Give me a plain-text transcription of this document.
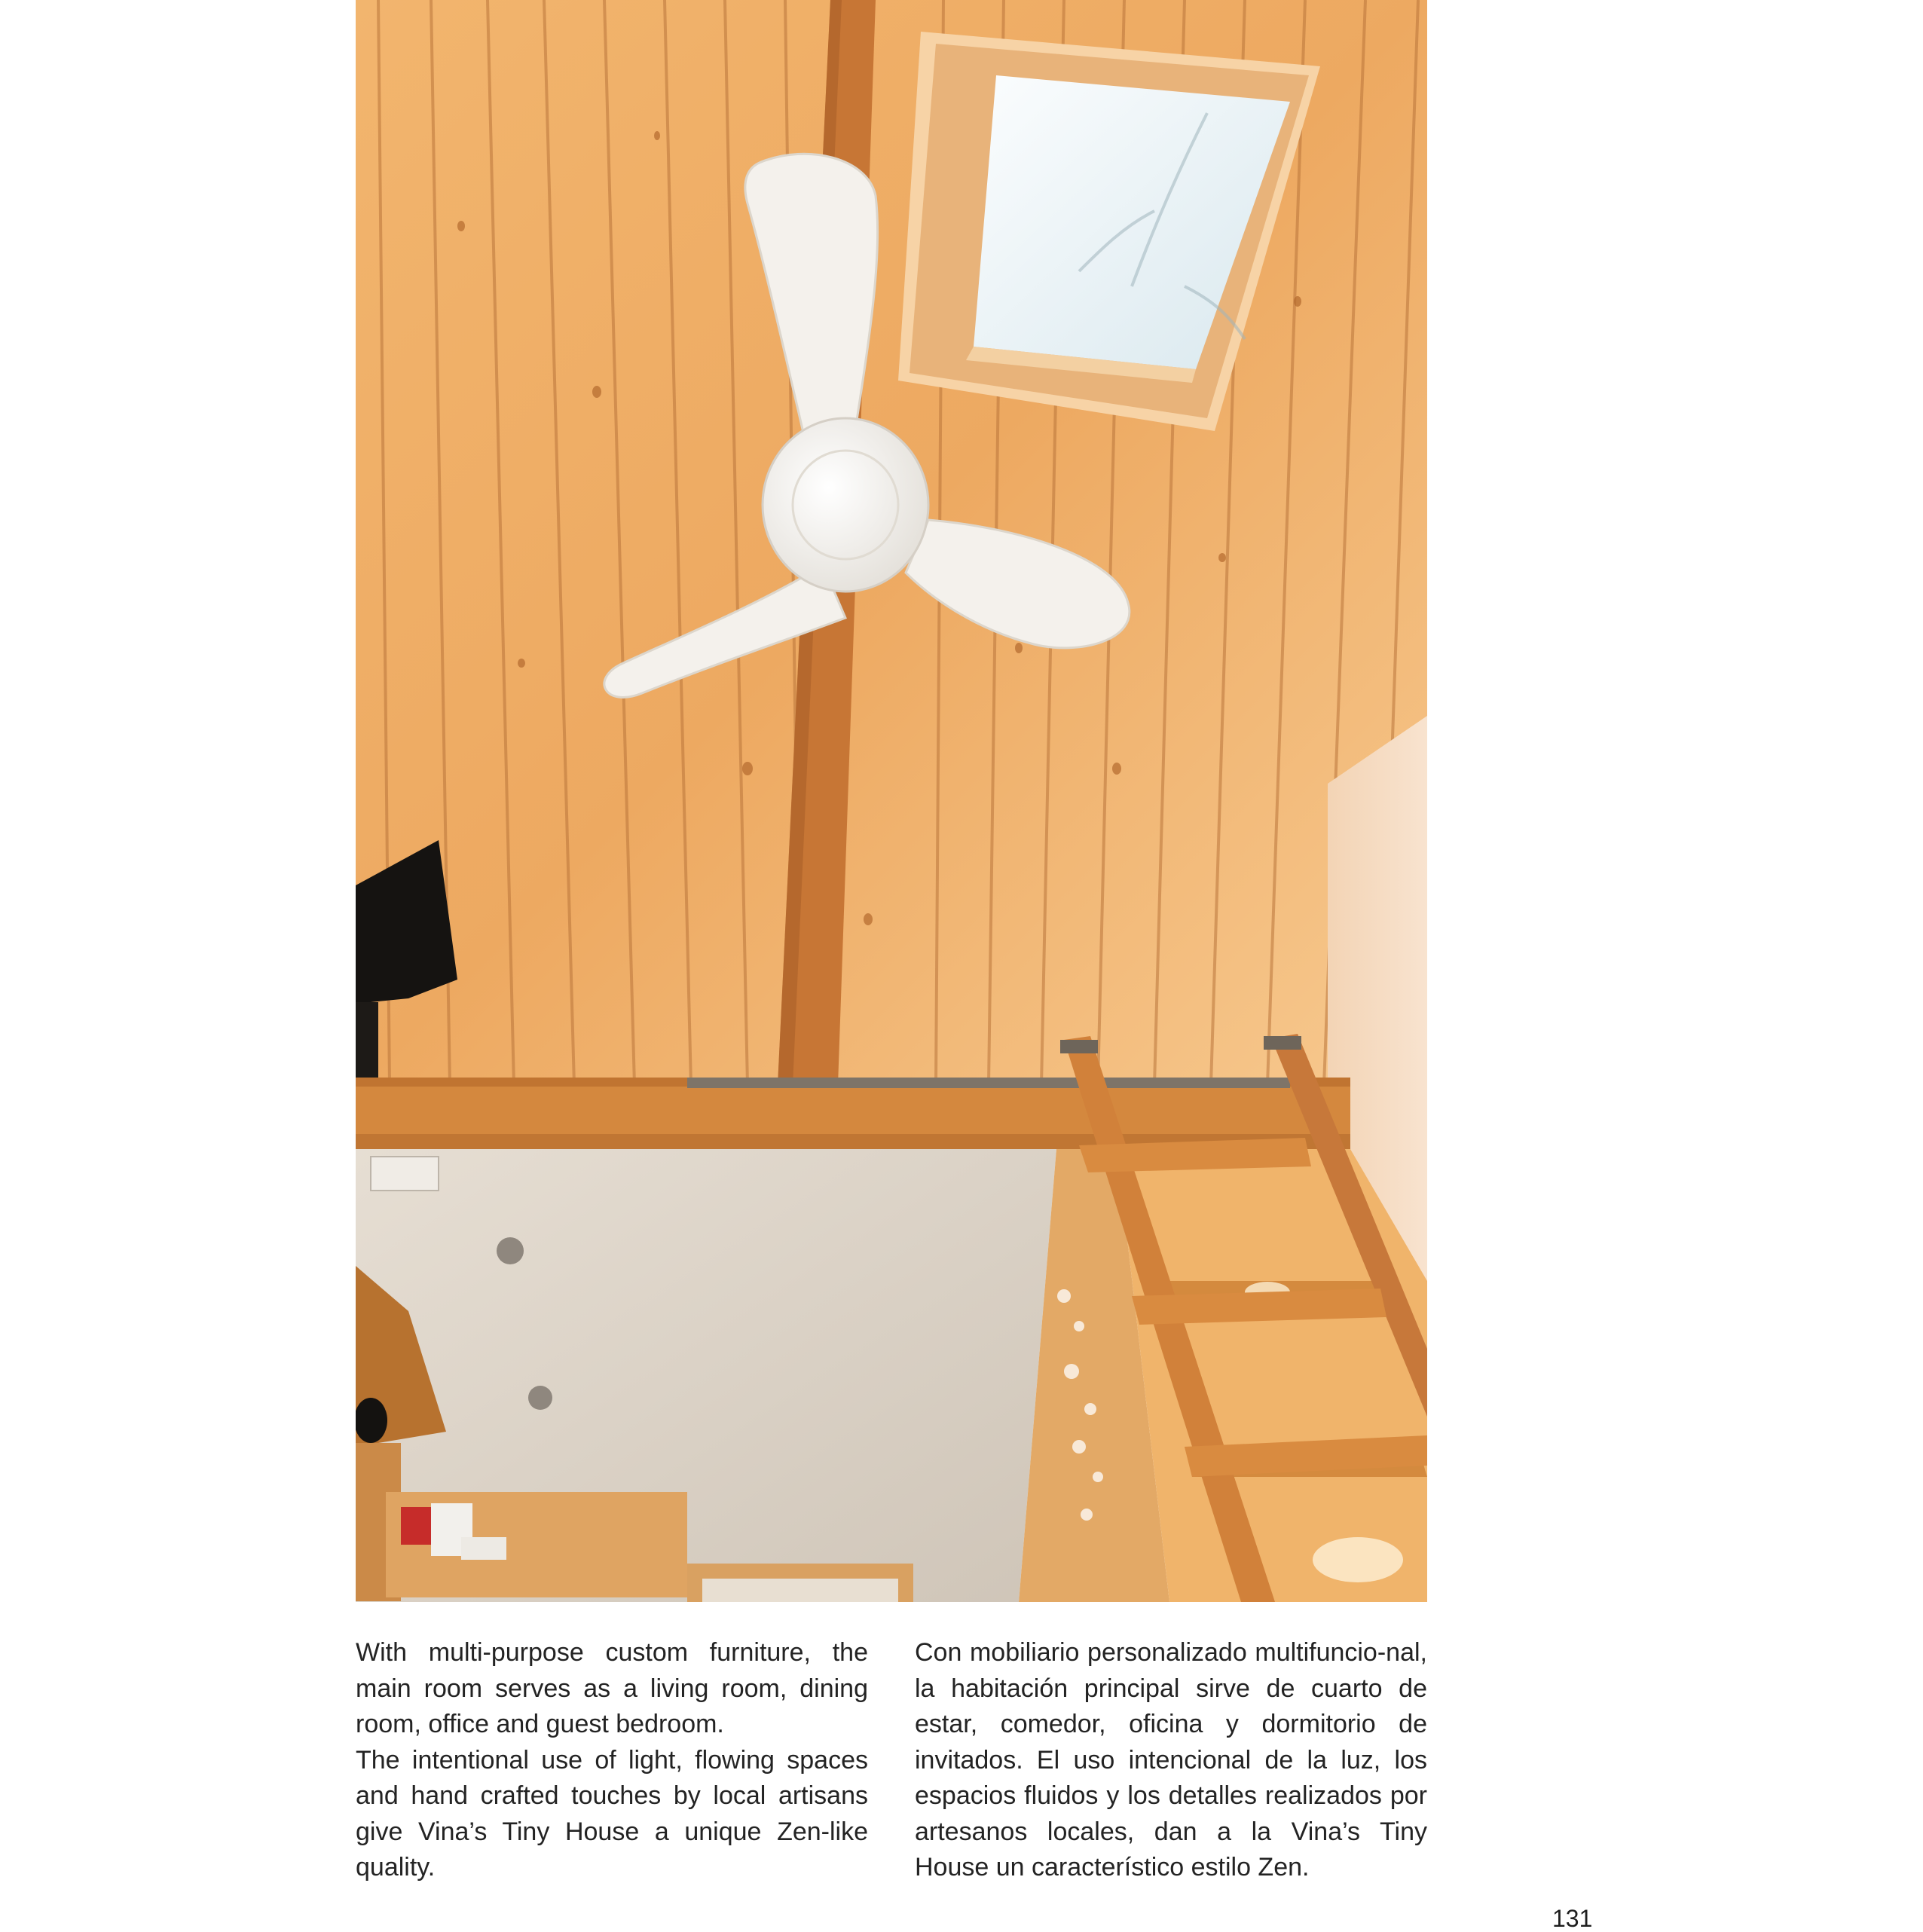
With multi-purpose custom furniture, the main room serves as a living room, dining room, office and guest bedroom.

The intentional use of light, flowing spaces and hand crafted touches by local artisans give Vina’s Tiny House a unique Zen-like quality.

Con mobiliario personalizado multifuncio-nal, la habitación principal sirve de cuarto de estar, comedor, oficina y dormitorio de invitados. El uso intencional de la luz, los espacios fluidos y los detalles realizados por artesanos locales, dan a la Vina’s Tiny House un característico estilo Zen.

131
